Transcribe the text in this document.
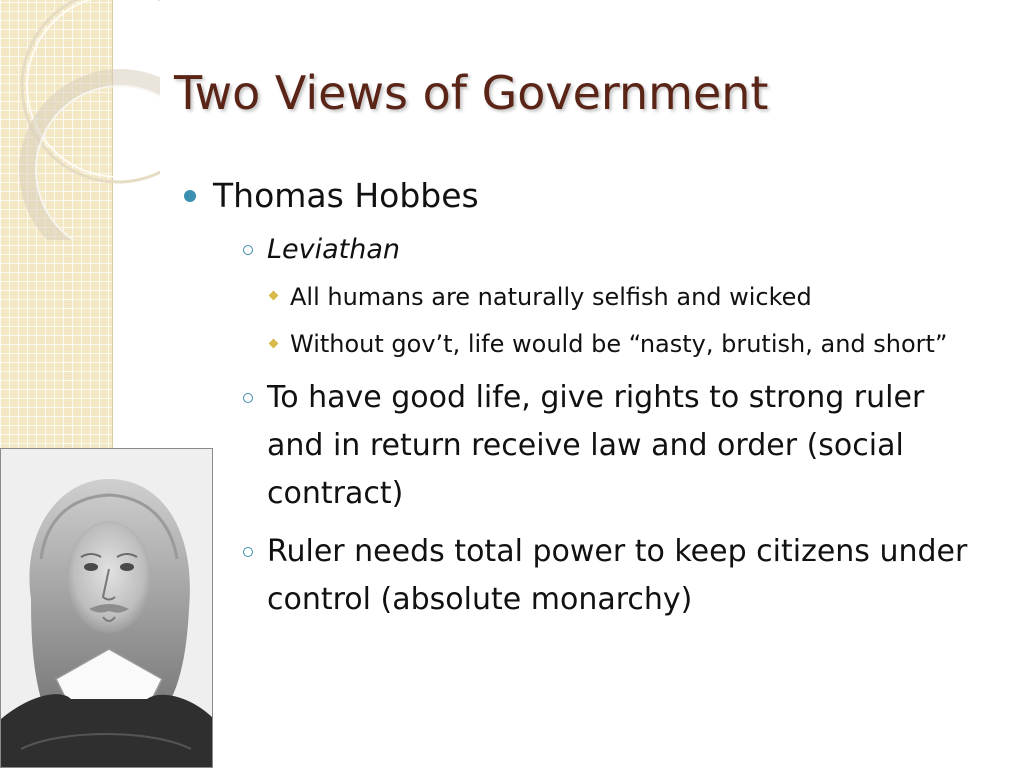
Two Views of Government
Thomas Hobbes
Leviathan
All humans are naturally selfish and wicked
Without gov’t, life would be “nasty, brutish, and short”
To have good life, give rights to strong ruler and in return receive law and order (social contract)
Ruler needs total power to keep citizens under control (absolute monarchy)
